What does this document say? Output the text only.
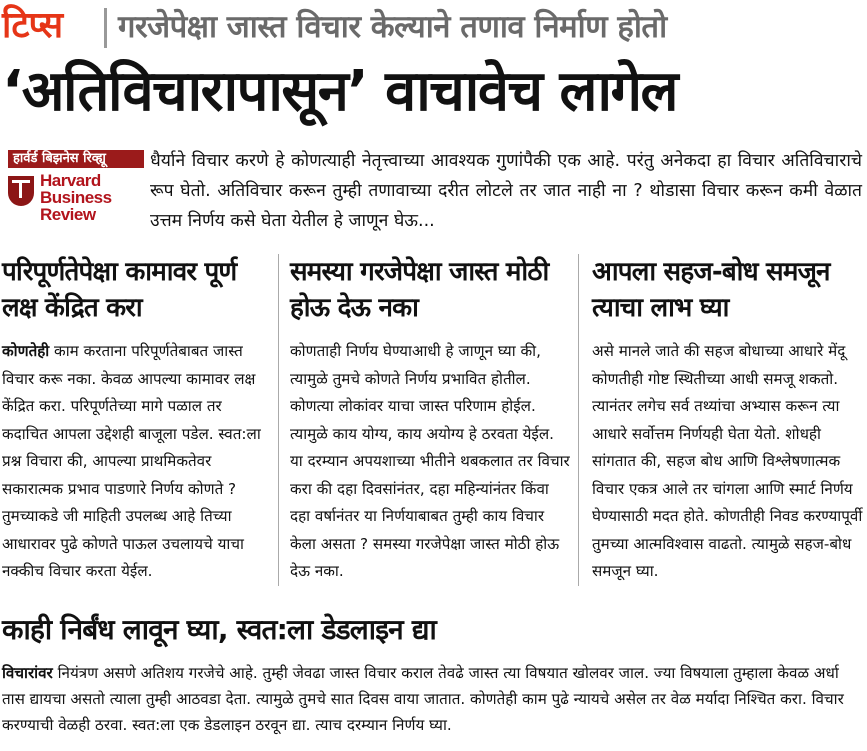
टिप्स गरजेपेक्षा जास्त विचार केल्याने तणाव निर्माण होतो
‘अतिविचारापासून’ वाचावेच लागेल
हार्वर्ड बिझनेस रिव्ह्यू
Harvard Business Review
धैर्याने विचार करणे हे कोणत्याही नेतृत्त्वाच्या आवश्यक गुणांपैकी एक आहे. परंतु अनेकदा हा विचार अतिविचाराचे रूप घेतो. अतिविचार करून तुम्ही तणावाच्या दरीत लोटले तर जात नाही ना ? थोडासा विचार करून कमी वेळात उत्तम निर्णय कसे घेता येतील हे जाणून घेऊ...
परिपूर्णतेपेक्षा कामावर पूर्ण लक्ष केंद्रित करा

कोणतेही काम करताना परिपूर्णतेबाबत जास्त विचार करू नका. केवळ आपल्या कामावर लक्ष केंद्रित करा. परिपूर्णतेच्या मागे पळाल तर कदाचित आपला उद्देशही बाजूला पडेल. स्वत:ला प्रश्न विचारा की, आपल्या प्राथमिकतेवर सकारात्मक प्रभाव पाडणारे निर्णय कोणते ? तुमच्याकडे जी माहिती उपलब्ध आहे तिच्या आधारावर पुढे कोणते पाऊल उचलायचे याचा नक्कीच विचार करता येईल.

समस्या गरजेपेक्षा जास्त मोठी होऊ देऊ नका

कोणताही निर्णय घेण्याआधी हे जाणून घ्या की, त्यामुळे तुमचे कोणते निर्णय प्रभावित होतील. कोणत्या लोकांवर याचा जास्त परिणाम होईल. त्यामुळे काय योग्य, काय अयोग्य हे ठरवता येईल. या दरम्यान अपयशाच्या भीतीने थबकलात तर विचार करा की दहा दिवसांनंतर, दहा महिन्यांनंतर किंवा दहा वर्षानंतर या निर्णयाबाबत तुम्ही काय विचार केला असता ? समस्या गरजेपेक्षा जास्त मोठी होऊ देऊ नका.

आपला सहज-बोध समजून त्याचा लाभ घ्या

असे मानले जाते की सहज बोधाच्या आधारे मेंदू कोणतीही गोष्ट स्थितीच्या आधी समजू शकतो. त्यानंतर लगेच सर्व तथ्यांचा अभ्यास करून त्या आधारे सर्वोत्तम निर्णयही घेता येतो. शोधही सांगतात की, सहज बोध आणि विश्लेषणात्मक विचार एकत्र आले तर चांगला आणि स्मार्ट निर्णय घेण्यासाठी मदत होते. कोणतीही निवड करण्यापूर्वी तुमच्या आत्मविश्वास वाढतो. त्यामुळे सहज-बोध समजून घ्या.

काही निर्बंध लावून घ्या, स्वत:ला डेडलाइन द्या
विचारांवर नियंत्रण असणे अतिशय गरजेचे आहे. तुम्ही जेवढा जास्त विचार कराल तेवढे जास्त त्या विषयात खोलवर जाल. ज्या विषयाला तुम्हाला केवळ अर्धा तास द्यायचा असतो त्याला तुम्ही आठवडा देता. त्यामुळे तुमचे सात दिवस वाया जातात. कोणतेही काम पुढे न्यायचे असेल तर वेळ मर्यादा निश्चित करा. विचार करण्याची वेळही ठरवा. स्वत:ला एक डेडलाइन ठरवून द्या. त्याच दरम्यान निर्णय घ्या.
